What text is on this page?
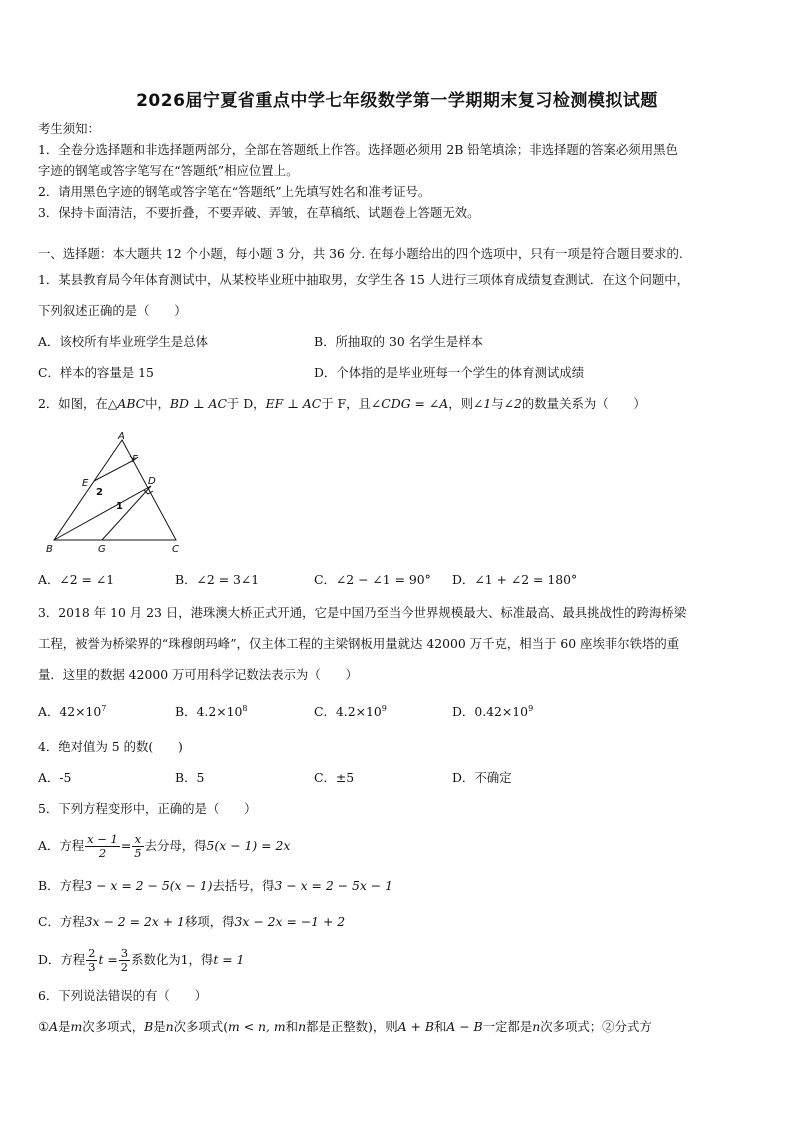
2026届宁夏省重点中学七年级数学第一学期期末复习检测模拟试题
考生须知：
1．全卷分选择题和非选择题两部分，全部在答题纸上作答。选择题必须用 2B 铅笔填涂；非选择题的答案必须用黑色
字迹的钢笔或答字笔写在“答题纸”相应位置上。
2．请用黑色字迹的钢笔或答字笔在“答题纸”上先填写姓名和准考证号。
3．保持卡面清洁，不要折叠，不要弄破、弄皱，在草稿纸、试题卷上答题无效。
一、选择题：本大题共 12 个小题，每小题 3 分，共 36 分. 在每小题给出的四个选项中，只有一项是符合题目要求的.
1．某县教育局今年体育测试中，从某校毕业班中抽取男，女学生各 15 人进行三项体育成绩复查测试．在这个问题中，
下列叙述正确的是（　　）
A．该校所有毕业班学生是总体	B．所抽取的 30 名学生是样本
C．样本的容量是 15	D．个体指的是毕业班每一个学生的体育测试成绩
2．如图，在△ABC中，BD ⊥ AC于 D，EF ⊥ AC于 F，且∠CDG = ∠A，则∠1与∠2的数量关系为（　　）
A
B	C
D
E
F
G
1
2
A．∠2 = ∠1	B．∠2 = 3∠1	C．∠2 − ∠1 = 90° D．∠1 + ∠2 = 180°
3．2018 年 10 月 23 日，港珠澳大桥正式开通，它是中国乃至当今世界规模最大、标准最高、最具挑战性的跨海桥梁
工程，被誉为桥梁界的“珠穆朗玛峰”，仅主体工程的主梁钢板用量就达 42000 万千克，相当于 60 座埃菲尔铁塔的重
量．这里的数据 42000 万可用科学记数法表示为（　　）
A．$42\times 10^7$	B．$4.2\times 10^8$	C．$4.2\times 10^9$	D．$0.42\times 10^9$
4．绝对值为 5 的数(　　)
A．-5	B．5	C．±5	D．不确定
5．下列方程变形中，正确的是（　　）
A．方程 $\frac{x - 1}{2} = \frac{x}{5}$ 去分母，得5(x − 1) = 2x
B．方程3 − x = 2 − 5(x − 1)去括号，得3 − x = 2 − 5x − 1
C．方程3x − 2 = 2x + 1移项，得3x − 2x = −1 + 2
D．方程 $\frac{2}{3}$ $t = \frac{3}{2}$ 系数化为1，得t = 1
6．下列说法错误的有（　　）
①A是m次多项式，B是n次多项式(m < n, m和n都是正整数)，则A + B和A − B一定都是n次多项式；②分式方
